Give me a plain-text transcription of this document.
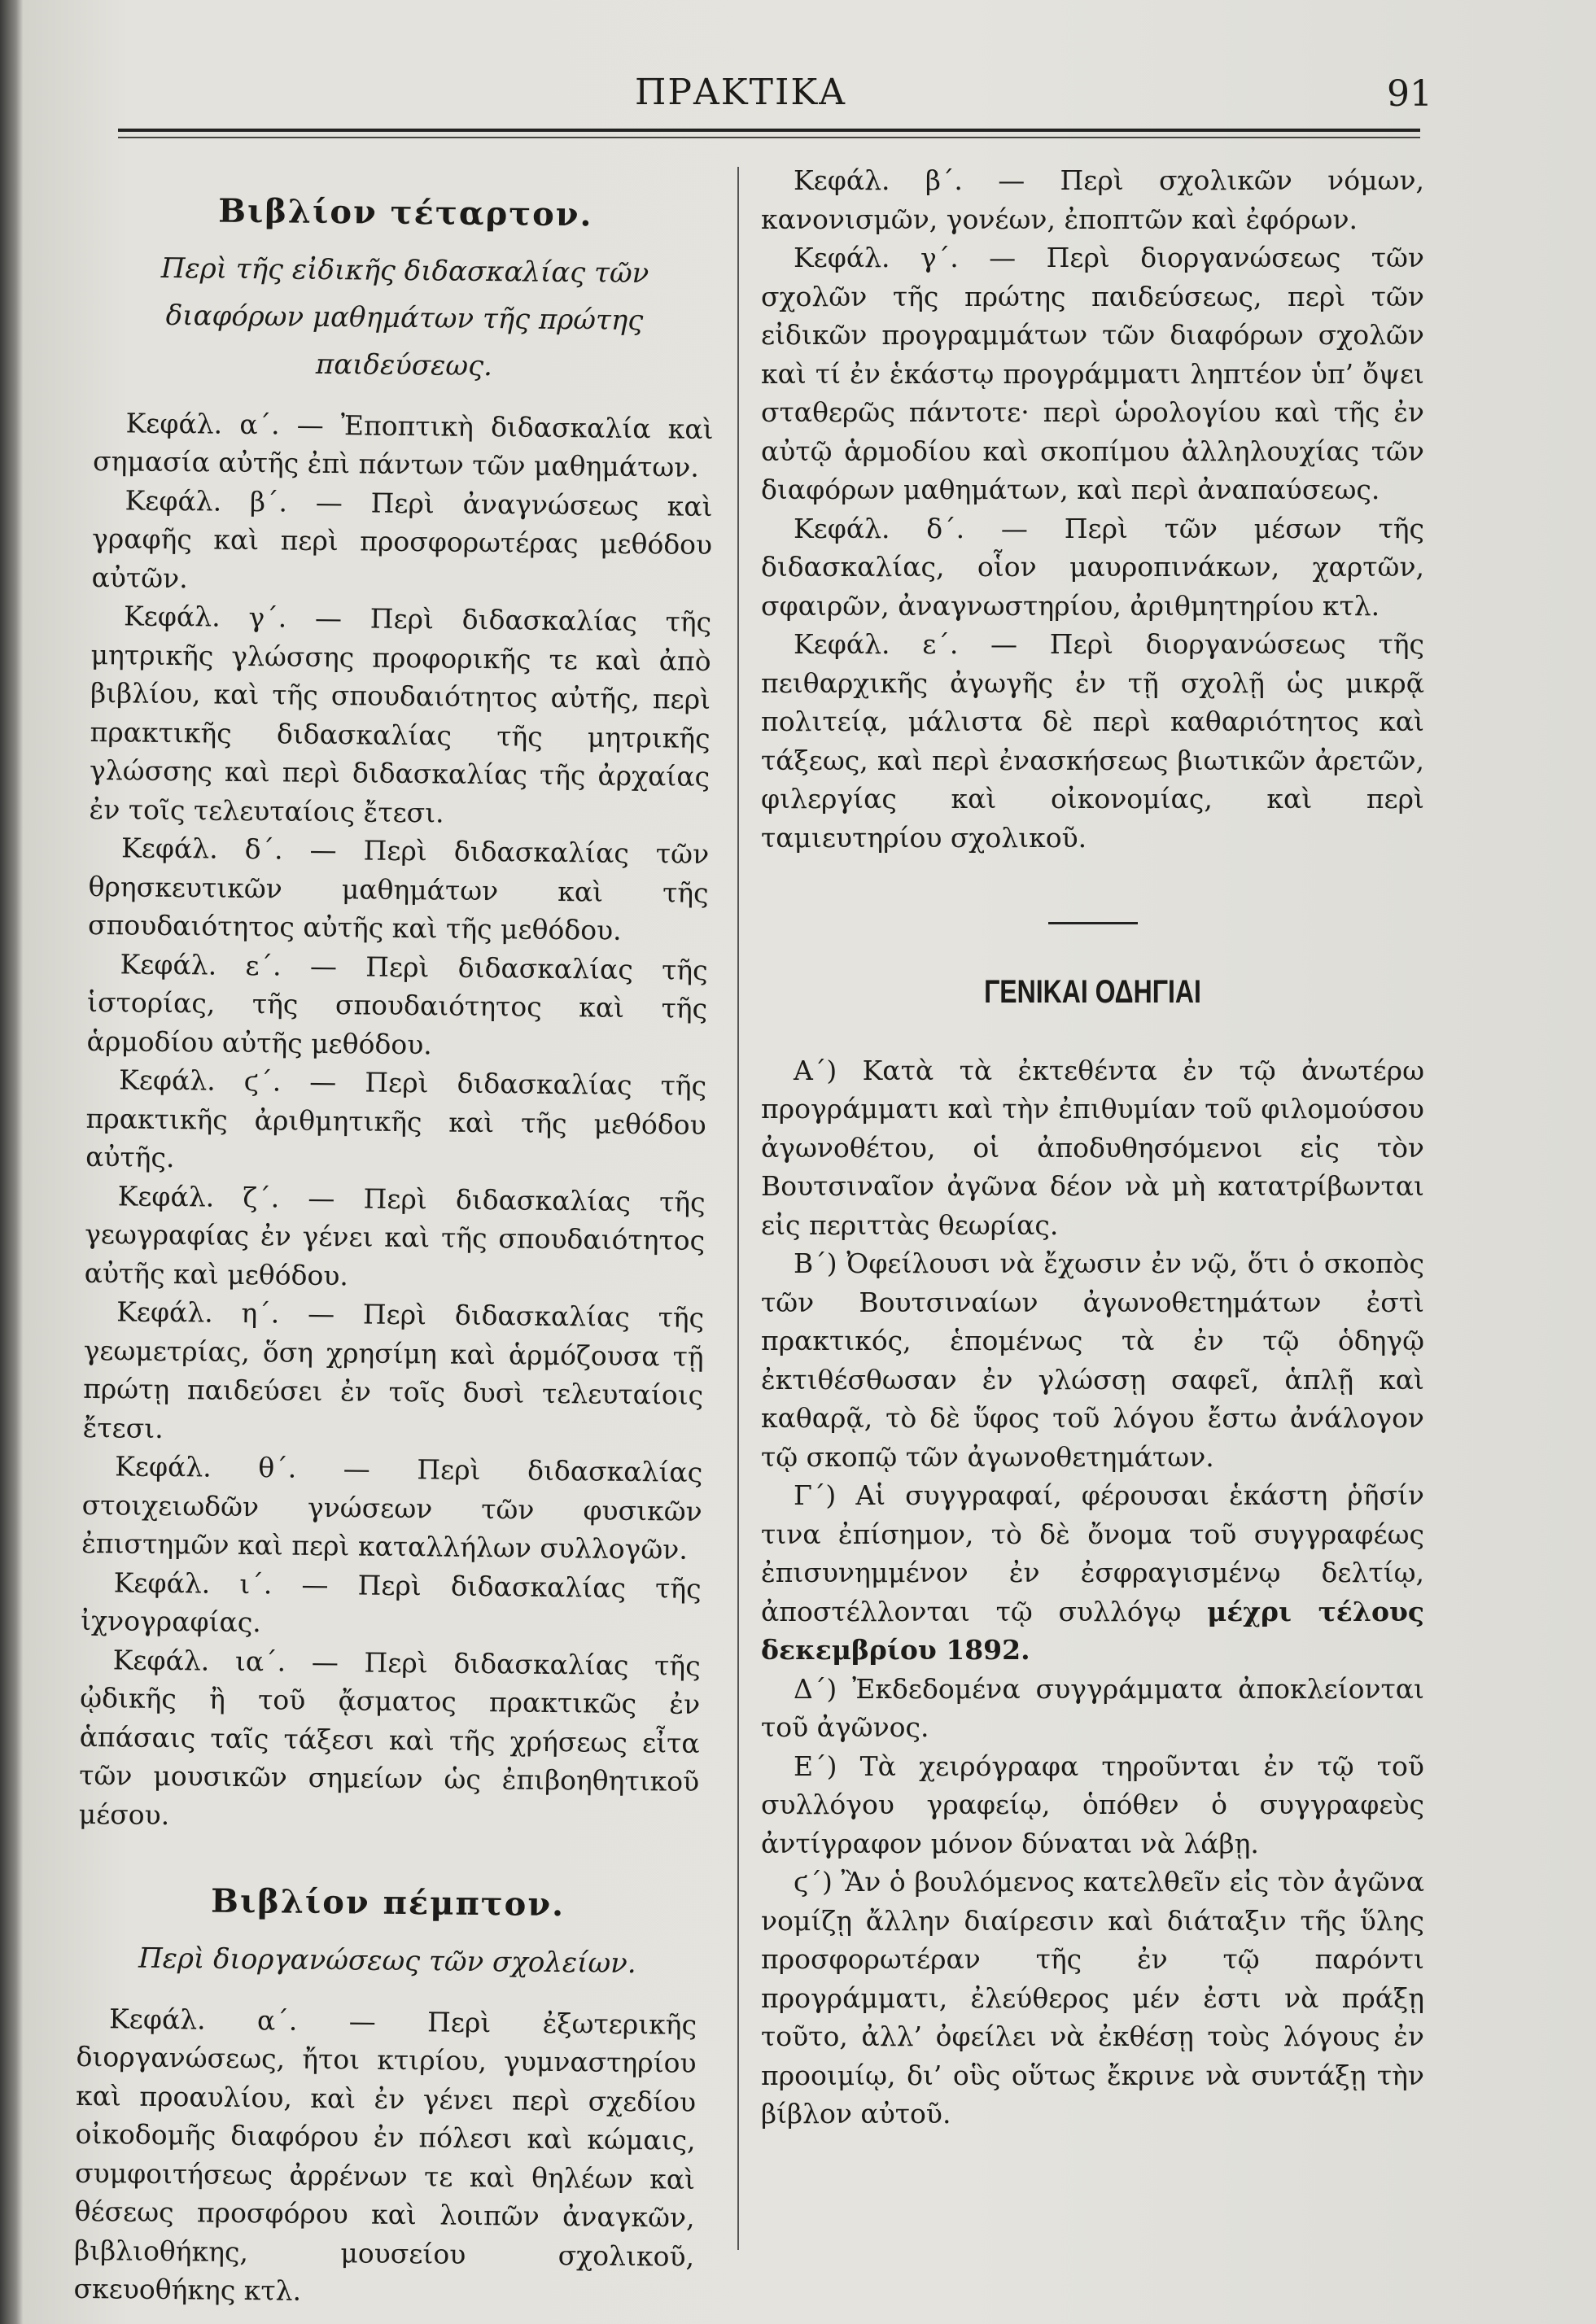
ΠΡΑΚΤΙΚΑ	91
Βιβλίον τέταρτον.
Περὶ τῆς εἰδικῆς διδασκαλίας τῶν διαφόρων μαθημάτων τῆς πρώτης παιδεύσεως.

Κεφάλ. α΄. — Ἐποπτικὴ διδασκαλία καὶ σημασία αὐτῆς ἐπὶ πάντων τῶν μαθημάτων.

Κεφάλ. β΄. — Περὶ ἀναγνώσεως καὶ γραφῆς καὶ περὶ προσφορωτέρας μεθόδου αὐτῶν.

Κεφάλ. γ΄. — Περὶ διδασκαλίας τῆς μητρικῆς γλώσσης προφορικῆς τε καὶ ἀπὸ βιβλίου, καὶ τῆς σπουδαιότητος αὐτῆς, περὶ πρακτικῆς διδασκαλίας τῆς μητρικῆς γλώσσης καὶ περὶ διδασκαλίας τῆς ἀρχαίας ἐν τοῖς τελευταίοις ἔτεσι.

Κεφάλ. δ΄. — Περὶ διδασκαλίας τῶν θρησκευτικῶν μαθημάτων καὶ τῆς σπουδαιότητος αὐτῆς καὶ τῆς μεθόδου.

Κεφάλ. ε΄. — Περὶ διδασκαλίας τῆς ἱστορίας, τῆς σπουδαιότητος καὶ τῆς ἁρμοδίου αὐτῆς μεθόδου.

Κεφάλ. ϛ΄. — Περὶ διδασκαλίας τῆς πρακτικῆς ἀριθμητικῆς καὶ τῆς μεθόδου αὐτῆς.

Κεφάλ. ζ΄. — Περὶ διδασκαλίας τῆς γεωγραφίας ἐν γένει καὶ τῆς σπουδαιότητος αὐτῆς καὶ μεθόδου.

Κεφάλ. η΄. — Περὶ διδασκαλίας τῆς γεωμετρίας, ὅση χρησίμη καὶ ἁρμόζουσα τῇ πρώτῃ παιδεύσει ἐν τοῖς δυσὶ τελευταίοις ἔτεσι.

Κεφάλ. θ΄. — Περὶ διδασκαλίας στοιχειωδῶν γνώσεων τῶν φυσικῶν ἐπιστημῶν καὶ περὶ καταλλήλων συλλογῶν.

Κεφάλ. ι΄. — Περὶ διδασκαλίας τῆς ἰχνογραφίας.

Κεφάλ. ια΄. — Περὶ διδασκαλίας τῆς ᾠδικῆς ἢ τοῦ ᾄσματος πρακτικῶς ἐν ἁπάσαις ταῖς τάξεσι καὶ τῆς χρήσεως εἶτα τῶν μουσικῶν σημείων ὡς ἐπιβοηθητικοῦ μέσου.

Βιβλίον πέμπτον.
Περὶ διοργανώσεως τῶν σχολείων.

Κεφάλ. α΄. — Περὶ ἐξωτερικῆς διοργανώσεως, ἤτοι κτιρίου, γυμναστηρίου καὶ προαυλίου, καὶ ἐν γένει περὶ σχεδίου οἰκοδομῆς διαφόρου ἐν πόλεσι καὶ κώμαις, συμφοιτήσεως ἀρρένων τε καὶ θηλέων καὶ θέσεως προσφόρου καὶ λοιπῶν ἀναγκῶν, βιβλιοθήκης, μουσείου σχολικοῦ, σκευοθήκης κτλ.

Κεφάλ. β΄. — Περὶ σχολικῶν νόμων, κανονισμῶν, γονέων, ἐποπτῶν καὶ ἐφόρων.

Κεφάλ. γ΄. — Περὶ διοργανώσεως τῶν σχολῶν τῆς πρώτης παιδεύσεως, περὶ τῶν εἰδικῶν προγραμμάτων τῶν διαφόρων σχολῶν καὶ τί ἐν ἑκάστῳ προγράμματι ληπτέον ὑπ’ ὄψει σταθερῶς πάντοτε· περὶ ὡρολογίου καὶ τῆς ἐν αὐτῷ ἁρμοδίου καὶ σκοπίμου ἀλληλουχίας τῶν διαφόρων μαθημάτων, καὶ περὶ ἀναπαύσεως.

Κεφάλ. δ΄. — Περὶ τῶν μέσων τῆς διδασκαλίας, οἷον μαυροπινάκων, χαρτῶν, σφαιρῶν, ἀναγνωστηρίου, ἀριθμητηρίου κτλ.

Κεφάλ. ε΄. — Περὶ διοργανώσεως τῆς πειθαρχικῆς ἀγωγῆς ἐν τῇ σχολῇ ὡς μικρᾷ πολιτείᾳ, μάλιστα δὲ περὶ καθαριότητος καὶ τάξεως, καὶ περὶ ἐνασκήσεως βιωτικῶν ἀρετῶν, φιλεργίας καὶ οἰκονομίας, καὶ περὶ ταμιευτηρίου σχολικοῦ.

ΓΕΝΙΚΑΙ ΟΔΗΓΙΑΙ

Α΄) Κατὰ τὰ ἐκτεθέντα ἐν τῷ ἀνωτέρω προγράμματι καὶ τὴν ἐπιθυμίαν τοῦ φιλομούσου ἀγωνοθέτου, οἱ ἀποδυθησόμενοι εἰς τὸν Βουτσιναῖον ἀγῶνα δέον νὰ μὴ κατατρίβωνται εἰς περιττὰς θεωρίας.

Β΄) Ὀφείλουσι νὰ ἔχωσιν ἐν νῷ, ὅτι ὁ σκοπὸς τῶν Βουτσιναίων ἀγωνοθετημάτων ἐστὶ πρακτικός, ἑπομένως τὰ ἐν τῷ ὁδηγῷ ἐκτιθέσθωσαν ἐν γλώσσῃ σαφεῖ, ἁπλῇ καὶ καθαρᾷ, τὸ δὲ ὕφος τοῦ λόγου ἔστω ἀνάλογον τῷ σκοπῷ τῶν ἀγωνοθετημάτων.

Γ΄) Αἱ συγγραφαί, φέρουσαι ἑκάστη ῥῆσίν τινα ἐπίσημον, τὸ δὲ ὄνομα τοῦ συγγραφέως ἐπισυνημμένον ἐν ἐσφραγισμένῳ δελτίῳ, ἀποστέλλονται τῷ συλλόγῳ μέχρι τέλους δεκεμβρίου 1892.

Δ΄) Ἐκδεδομένα συγγράμματα ἀποκλείονται τοῦ ἀγῶνος.

Ε΄) Τὰ χειρόγραφα τηροῦνται ἐν τῷ τοῦ συλλόγου γραφείῳ, ὁπόθεν ὁ συγγραφεὺς ἀντίγραφον μόνον δύναται νὰ λάβῃ.

ϛ΄) Ἂν ὁ βουλόμενος κατελθεῖν εἰς τὸν ἀγῶνα νομίζῃ ἄλλην διαίρεσιν καὶ διάταξιν τῆς ὕλης προσφορωτέραν τῆς ἐν τῷ παρόντι προγράμματι, ἐλεύθερος μέν ἐστι νὰ πράξῃ τοῦτο, ἀλλ’ ὀφείλει νὰ ἐκθέσῃ τοὺς λόγους ἐν προοιμίῳ, δι’ οὓς οὕτως ἔκρινε νὰ συντάξῃ τὴν βίβλον αὐτοῦ.
